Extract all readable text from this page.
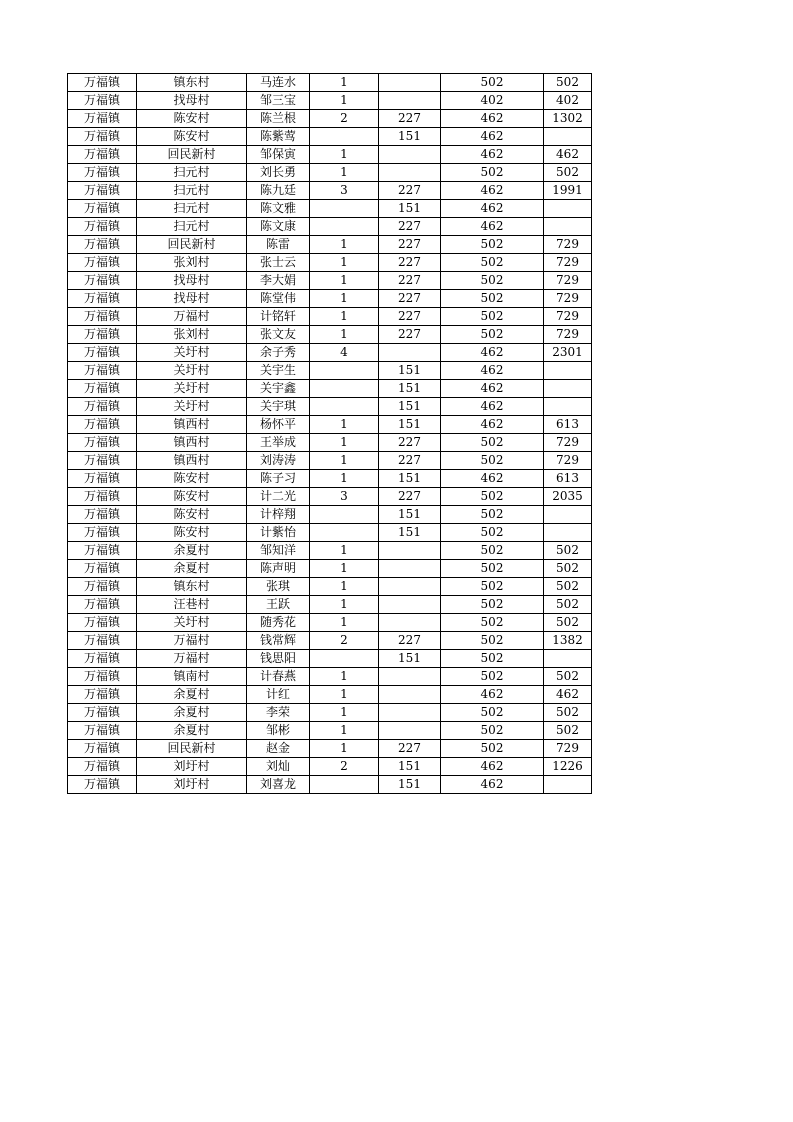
万福镇	镇东村	马连水	1		502	502
万福镇	找母村	邹三宝	1		402	402
万福镇	陈安村	陈兰根	2	227	462	1302
万福镇	陈安村	陈紫莺		151	462	
万福镇	回民新村	邹保寅	1		462	462
万福镇	扫元村	刘长勇	1		502	502
万福镇	扫元村	陈九廷	3	227	462	1991
万福镇	扫元村	陈文雅		151	462	
万福镇	扫元村	陈文康		227	462	
万福镇	回民新村	陈雷	1	227	502	729
万福镇	张刘村	张士云	1	227	502	729
万福镇	找母村	李大娟	1	227	502	729
万福镇	找母村	陈堂伟	1	227	502	729
万福镇	万福村	计铭轩	1	227	502	729
万福镇	张刘村	张文友	1	227	502	729
万福镇	关圩村	余子秀	4		462	2301
万福镇	关圩村	关宇生		151	462	
万福镇	关圩村	关宇鑫		151	462	
万福镇	关圩村	关宇琪		151	462	
万福镇	镇西村	杨怀平	1	151	462	613
万福镇	镇西村	王举成	1	227	502	729
万福镇	镇西村	刘涛涛	1	227	502	729
万福镇	陈安村	陈子习	1	151	462	613
万福镇	陈安村	计二光	3	227	502	2035
万福镇	陈安村	计梓翔		151	502	
万福镇	陈安村	计紫怡		151	502	
万福镇	余夏村	邹知洋	1		502	502
万福镇	余夏村	陈声明	1		502	502
万福镇	镇东村	张琪	1		502	502
万福镇	汪巷村	王跃	1		502	502
万福镇	关圩村	随秀花	1		502	502
万福镇	万福村	钱常辉	2	227	502	1382
万福镇	万福村	钱思阳		151	502	
万福镇	镇南村	计春燕	1		502	502
万福镇	余夏村	计红	1		462	462
万福镇	余夏村	李荣	1		502	502
万福镇	余夏村	邹彬	1		502	502
万福镇	回民新村	赵金	1	227	502	729
万福镇	刘圩村	刘灿	2	151	462	1226
万福镇	刘圩村	刘喜龙		151	462	
